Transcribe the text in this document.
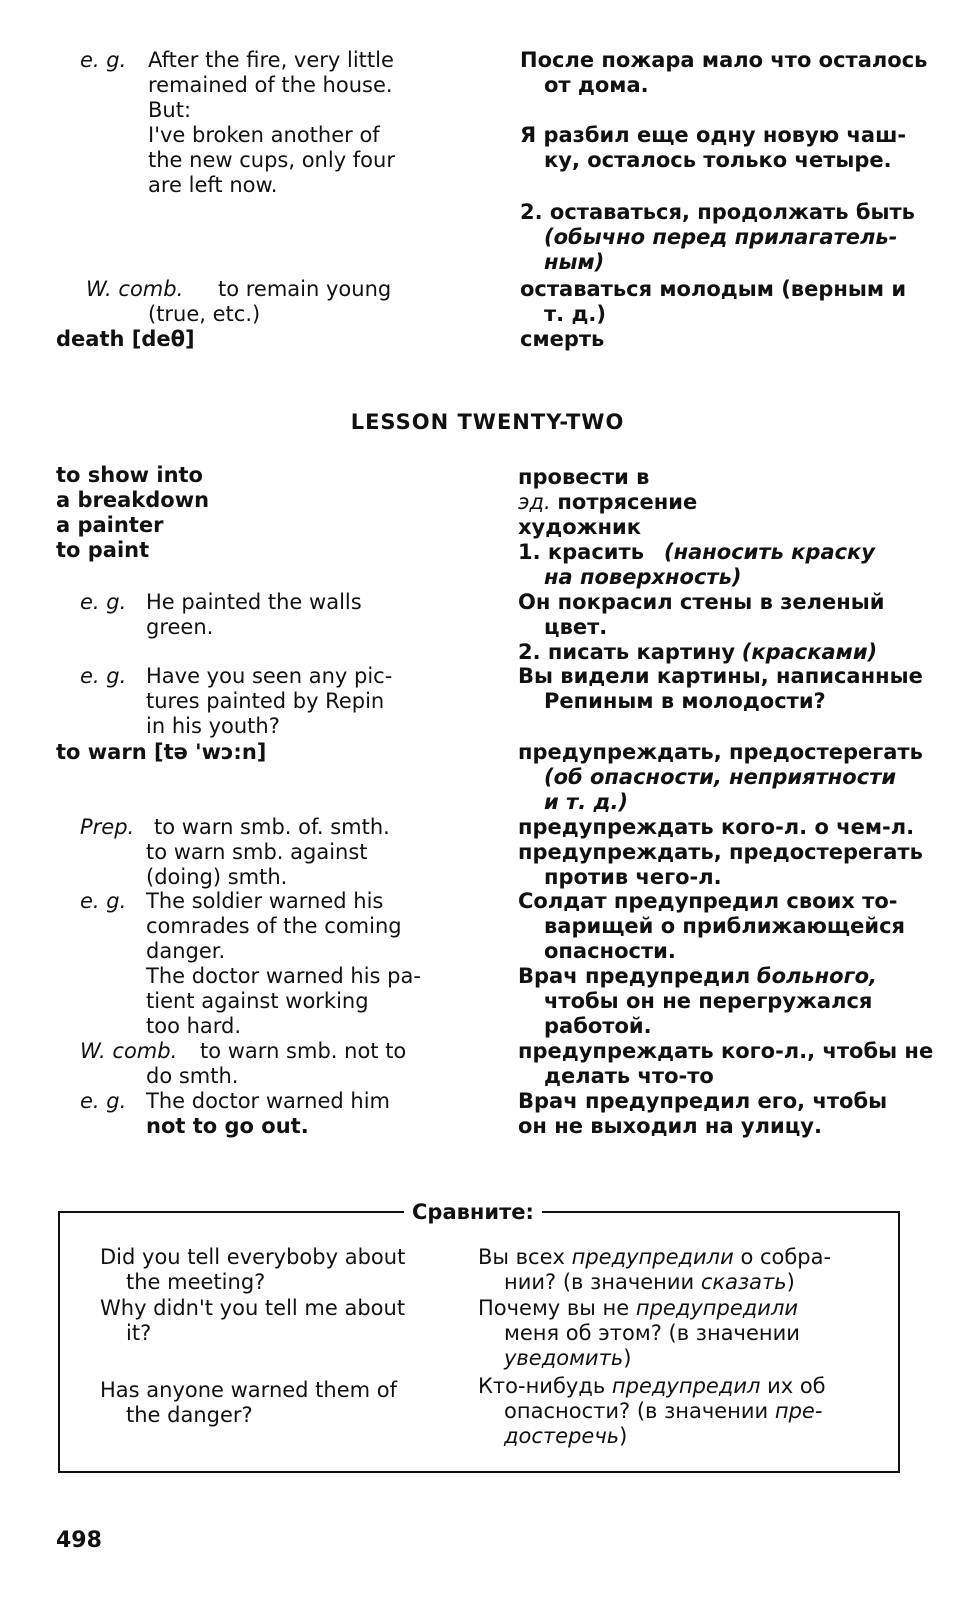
e. g. After the fire, very little
remained of the house.
But:
I've broken another of
the new cups, only four
are left now.
W. comb. to remain young
(true, etc.)
death [deθ]
После пожара мало что осталось
от дома.
Я разбил еще одну новую чаш-
ку, осталось только четыре.
2. оставаться, продолжать быть
(обычно перед прилагатель-
ным)
оставаться молодым (верным и
т. д.)
смерть
LESSON TWENTY-TWO
to show into
a breakdown
a painter
to paint
e. g. He painted the walls
green.
e. g. Have you seen any pic-
tures painted by Repin
in his youth?
to warn [tə 'wɔ:n]
Prep. to warn smb. of. smth.
to warn smb. against
(doing) smth.
e. g. The soldier warned his
comrades of the coming
danger.
The doctor warned his pa-
tient against working
too hard.
W. comb. to warn smb. not to
do smth.
e. g. The doctor warned him
not to go out.
провести в
эд. потрясение
художник
1. красить (наносить краску
на поверхность)
Он покрасил стены в зеленый
цвет.
2. писать картину (красками)
Вы видели картины, написанные
Репиным в молодости?
предупреждать, предостерегать
(об опасности, неприятности
и т. д.)
предупреждать кого-л. о чем-л.
предупреждать, предостерегать
против чего-л.
Солдат предупредил своих то-
варищей о приближающейся
опасности.
Врач предупредил больного,
чтобы он не перегружался
работой.
предупреждать кого-л., чтобы не
делать что-то
Врач предупредил его, чтобы
он не выходил на улицу.
Сравните:
Did you tell everyboby about
the meeting?
Why didn't you tell me about
it?
Has anyone warned them of
the danger?
Вы всех предупредили о собра-
нии? (в значении сказать)
Почему вы не предупредили
меня об этом? (в значении
уведомить)
Кто-нибудь предупредил их об
опасности? (в значении пре-
достеречь)
498
